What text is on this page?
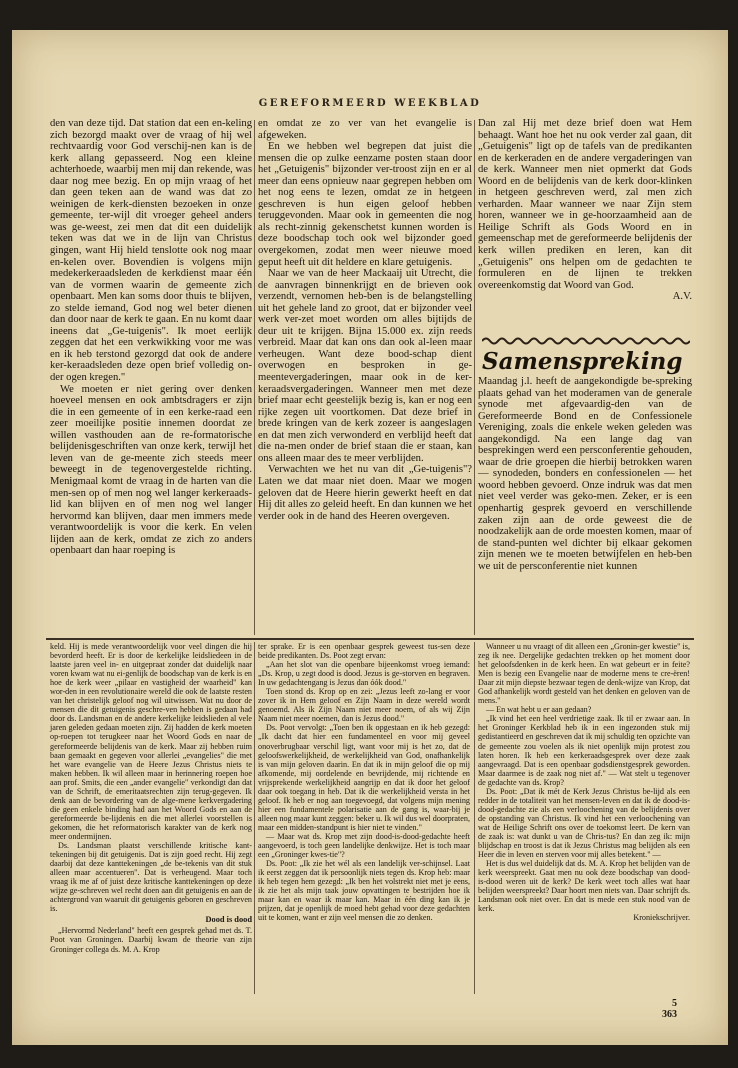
GEREFORMEERD WEEKBLAD

den van deze tijd. Dat station dat een en-keling zich bezorgd maakt over de vraag of hij wel rechtvaardig voor God verschij-nen kan is de kerk allang gepasseerd. Nog een kleine achterhoede, waarbij men mij dan rekende, was daar nog mee bezig. En op mijn vraag of het dan geen teken aan de wand was dat zo weinigen de kerk-diensten bezoeken in onze gemeente, ter-wijl dit vroeger geheel anders was ge-weest, zei men dat dit een duidelijk teken was dat we in de lijn van Christus gingen, want Hij hield tenslotte ook nog maar en-kelen over. Bovendien is volgens mijn medekerkeraadsleden de kerkdienst maar één van de vormen waarin de gemeente zich openbaart. Men kan soms door thuis te blijven, zo stelde iemand, God nog wel beter dienen dan door naar de kerk te gaan. En nu komt daar ineens dat „Ge-tuigenis". Ik moet eerlijk zeggen dat het een verkwikking voor me was en ik heb terstond gezorgd dat ook de andere ker-keraadsleden deze open brief volledig on-der ogen kregen."

We moeten er niet gering over denken hoeveel mensen en ook ambtsdragers er zijn die in een gemeente of in een kerke-raad een zeer moeilijke positie innemen doordat ze willen vasthouden aan de re-formatorische belijdenisgeschriften van onze kerk, terwijl het leven van de ge-meente zich steeds meer beweegt in de tegenovergestelde richting. Menigmaal komt de vraag in de harten van die men-sen op of men nog wel langer kerkeraads-lid kan blijven en of men nog wel langer hervormd kan blijven, daar men immers mede verantwoordelijk is voor die kerk. En velen lijden aan de kerk, omdat ze zich zo anders openbaart dan haar roeping is

en omdat ze zo ver van het evangelie is afgeweken.

En we hebben wel begrepen dat juist die mensen die op zulke eenzame posten staan door het „Getuigenis" bijzonder ver-troost zijn en er al meer dan eens opnieuw naar gegrepen hebben om het nog eens te lezen, omdat ze in hetgeen geschreven is hun eigen geloof hebben teruggevonden. Maar ook in gemeenten die nog als recht-zinnig gekenschetst kunnen worden is deze boodschap toch ook wel bijzonder goed overgekomen, zodat men weer nieuwe moed geput heeft uit dit heldere en klare getuigenis.

Naar we van de heer Mackaaij uit Utrecht, die de aanvragen binnenkrijgt en de brieven ook verzendt, vernomen heb-ben is de belangstelling uit het gehele land zo groot, dat er bijzonder veel werk ver-zet moet worden om alles bijtijds de deur uit te krijgen. Bijna 15.000 ex. zijn reeds verbreid. Maar dat kan ons dan ook al-leen maar verheugen. Want deze bood-schap dient overwogen en besproken in ge-meentevergaderingen, maar ook in de ker-keraadsvergaderingen. Wanneer men met deze brief maar echt geestelijk bezig is, kan er nog een rijke zegen uit voortkomen. Dat deze brief in brede kringen van de kerk zozeer is aangeslagen en dat men zich verwonderd en verblijd heeft dat die na-men onder de brief staan die er staan, kan ons alleen maar des te meer verblijden.

Verwachten we het nu van dit „Ge-tuigenis"? Laten we dat maar niet doen. Maar we mogen geloven dat de Heere hierin gewerkt heeft en dat Hij dit alles zo geleid heeft. En dan kunnen we het verder ook in de hand des Heeren overgeven.

Dan zal Hij met deze brief doen wat Hem behaagt. Want hoe het nu ook verder zal gaan, dit „Getuigenis" ligt op de tafels van de predikanten en de kerkeraden en de andere vergaderingen van de kerk. Wanneer men niet opmerkt dat Gods Woord en de belijdenis van de kerk door-klinken in hetgeen geschreven werd, zal men zich verharden. Maar wanneer we naar Zijn stem horen, wanneer we in ge-hoorzaamheid aan de Heilige Schrift als Gods Woord en in gemeenschap met de gereformeerde belijdenis der kerk willen prediken en leren, kan dit „Getuigenis" ons helpen om de gedachten te formuleren en de lijnen te trekken overeenkomstig dat Woord van God.

A.V.

Samenspreking

Maandag j.l. heeft de aangekondigde be-spreking plaats gehad van het moderamen van de generale synode met afgevaardig-den van de Gereformeerde Bond en de Confessionele Vereniging, zoals die enkele weken geleden was aangekondigd. Na een lange dag van besprekingen werd een persconferentie gehouden, waar de drie groepen die hierbij betrokken waren — synodeden, bonders en confessionelen — het woord hebben gevoerd. Onze indruk was dat men niet veel verder was geko-men. Zeker, er is een openhartig gesprek gevoerd en verschillende zaken zijn aan de orde geweest die de noodzakelijk aan de orde moesten komen, maar of de stand-punten wel dichter bij elkaar gekomen zijn menen we te moeten betwijfelen en heb-ben we uit de persconferentie niet kunnen

keld. Hij is mede verantwoordelijk voor veel dingen die hij bevorderd heeft. Er is door de kerkelijke leidsliedeen in de laatste jaren veel in- en uitgepraat zonder dat duidelijk naar voren kwam wat nu ei-genlijk de boodschap van de kerk is en hoe de kerk weer „pilaar en vastigheid der waarheid" kan wor-den in een revolutionaire wereld die ook de laatste resten van het christelijk geloof nog wil uitwissen. Wat nu door de mensen die dit getuigenis geschre-ven hebben is gedaan had door ds. Landsman en de andere kerkelijke leidslieden al vele jaren geleden gedaan moeten zijn. Zij hadden de kerk moeten op-roepen tot terugkeer naar het Woord Gods en naar de gereformeerde belijdenis van de kerk. Maar zij hebben ruim baan gemaakt en gegeven voor allerlei „evangelies" die met het ware evangelie van de Heere Jezus Christus niets te maken hebben. Ik wil alleen maar in herinnering roepen hoe aan prof. Smits, die een „ander evangelie" verkondigt dan dat van de Schrift, de emeritaatsrechten zijn terug-gegeven. Ik denk aan de bevordering van de alge-mene kerkvergadering die geen enkele binding had aan het Woord Gods en aan de gereformeerde be-lijdenis en die met allerlei voorstellen is gekomen, die het reformatorisch karakter van de kerk nog meer ondermijnen.

Ds. Landsman plaatst verschillende kritische kant-tekeningen bij dit getuigenis. Dat is zijn goed recht. Hij zegt daarbij dat deze kanttekeningen „de be-tekenis van dit stuk alleen maar accentueren". Dat is verheugend. Maar toch vraag ik me af of juist deze kritische kanttekeningen op deze wijze ge-schreven wel recht doen aan dit getuigenis en aan de achtergrond van waaruit dit getuigenis geboren en geschreven is.

Dood is dood

„Hervormd Nederland" heeft een gesprek gehad met ds. T. Poot van Groningen. Daarbij kwam de theorie van zijn Groninger collega ds. M. A. Krop

ter sprake. Er is een openbaar gesprek geweest tus-sen deze beide predikanten. Ds. Poot zegt ervan:

„Aan het slot van die openbare bijeenkomst vroeg iemand: „Ds. Krop, u zegt dood is dood. Jezus is ge-storven en begraven. In uw gedachtengang is Jezus dan óók dood."

Toen stond ds. Krop op en zei: „Jezus leeft zo-lang er voor zover ik in Hem geloof en Zijn Naam in deze wereld wordt genoemd. Als ik Zijn Naam niet meer noem, of als wij Zijn Naam niet meer noemen, dan is Jezus dood."

Ds. Poot vervolgt: „Toen ben ik opgestaan en ik heb gezegd: „Ik dacht dat hier een fundamenteel en voor mij geveel onoverbrugbaar verschil ligt, want voor mij is het zo, dat de geloofswerkelijkheid, de werkelijkheid van God, onafhankelijk is van mijn geloven daarin. En dat ik in mijn geloof die op mij afkomende, mij oordelende en bevrijdende, mij richtende en vrijsprekende werkelijkheid aangrijp en dat ik door het geloof daar ook toegang in heb. Dat ik die werkelijkheid versta in het geloof. Ik heb er nog aan toegevoegd, dat volgens mijn mening hier een fundamentele polarisatie aan de gang is, waar-bij je alleen nog maar kunt zeggen: beker u. Ik wil dus wel doorpraten, maar een midden-standpunt is hier niet te vinden."

— Maar wat ds. Krop met zijn dood-is-dood-gedachte heeft aangevoerd, is toch geen landelijke denkwijze. Het is toch maar een „Groninger kwes-tie"?

Ds. Poot: „Ik zie het wél als een landelijk ver-schijnsel. Laat ik eerst zeggen dat ik persoonlijk niets tegen ds. Krop heb: maar ik heb tegen hem gezegd: „Ik ben het volstrekt niet met je eens, ik zie het als mijn taak jouw opvattingen te bestrijden hoe ik maar kan en waar ik maar kan. Maar in één ding kan ik je prijzen, dat je openlijk de moed hebt gehad voor deze gedachten uit te komen, want er zijn veel mensen die zo denken.

Wanneer u nu vraagt of dit alleen een „Gronin-ger kwestie" is, zeg ik nee. Dergelijke gedachten trekken op het moment door het geloofsdenken in de kerk heen. En wat gebeurt er in feite? Men is bezig een Evangelie naar de moderne mens te cre-ëren! Daar zit mijn diepste bezwaar tegen de denk-wijze van Krop, dat God afhankelijk wordt gesteld van het denken en geloven van de mens."

— En wat hebt u er aan gedaan?

„Ik vind het een heel verdrietige zaak. Ik til er zwaar aan. In het Groninger Kerkblad heb ik in een ingezonden stuk mij gedistantieerd en geschreven dat ik mij schuldig ten opzichte van de gemeente zou voelen als ik niet openlijk mijn protest zou laten horen. Ik heb een kerkeraadsgesprek over deze zaak aangevraagd. Dat is een openbaar godsdienstgesprek geworden. Maar daarmee is de zaak nog niet af." — Wat stelt u tegenover de gedachte van ds. Krop?

Ds. Poot: „Dat ik mét de Kerk Jezus Christus be-lijd als een redder in de totaliteit van het mensen-leven en dat ik de dood-is-dood-gedachte zie als een verloochening van de belijdenis over de opstanding van Christus. Ik vind het een verloochening van wat de Heilige Schrift ons over de toekomst leert. De kern van de zaak is: wat dunkt u van de Chris-tus? En dan zeg ik: mijn blijdschap en troost is dat ik Jezus Christus mag belijden als een Heer die in leven en sterven voor mij alles betekent." —

Het is dus wel duidelijk dat ds. M. A. Krop het belijden van de kerk weerspreekt. Gaat men nu ook deze boodschap van dood-is-dood weren uit de kerk? De kerk weet toch alles wat haar belijden weerspreekt? Daar hoort men niets van. Daar schrijft ds. Landsman ook niet over. En dat is mede een stuk nood van de kerk.

Kroniekschrijver.

5
363
